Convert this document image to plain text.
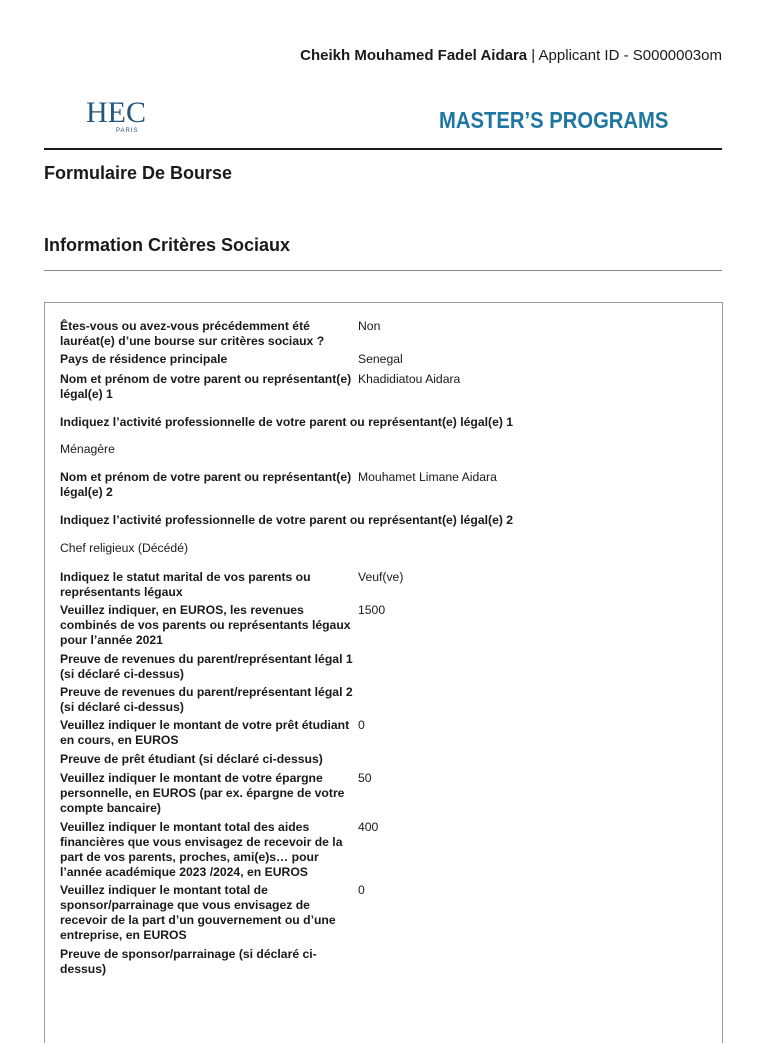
Cheikh Mouhamed Fadel Aidara | Applicant ID - S0000003om
HEC
PARIS	MASTER’S PROGRAMS
Formulaire De Bourse
Information Critères Sociaux
Êtes-vous ou avez-vous précédemment été lauréat(e) d’une bourse sur critères sociaux ?
Non
Pays de résidence principale	Senegal
Nom et prénom de votre parent ou représentant(e) légal(e) 1
Khadidiatou Aidara
Indiquez l’activité professionnelle de votre parent ou représentant(e) légal(e) 1
Ménagère
Nom et prénom de votre parent ou représentant(e) légal(e) 2
Mouhamet Limane Aidara
Indiquez l’activité professionnelle de votre parent ou représentant(e) légal(e) 2
Chef religieux (Décédé)
Indiquez le statut marital de vos parents ou représentants légaux
Veuf(ve)
Veuillez indiquer, en EUROS, les revenues combinés de vos parents ou représentants légaux pour l’année 2021
1500
Preuve de revenues du parent/représentant légal 1 (si déclaré ci-dessus)
Preuve de revenues du parent/représentant légal 2 (si déclaré ci-dessus)
Veuillez indiquer le montant de votre prêt étudiant en cours, en EUROS
0
Preuve de prêt étudiant (si déclaré ci-dessus)
Veuillez indiquer le montant de votre épargne personnelle, en EUROS (par ex. épargne de votre compte bancaire)
50
Veuillez indiquer le montant total des aides financières que vous envisagez de recevoir de la part de vos parents, proches, ami(e)s… pour l’année académique 2023 /2024, en EUROS
400
Veuillez indiquer le montant total de sponsor/parrainage que vous envisagez de recevoir de la part d’un gouvernement ou d’une entreprise, en EUROS
0
Preuve de sponsor/parrainage (si déclaré ci-dessus)
